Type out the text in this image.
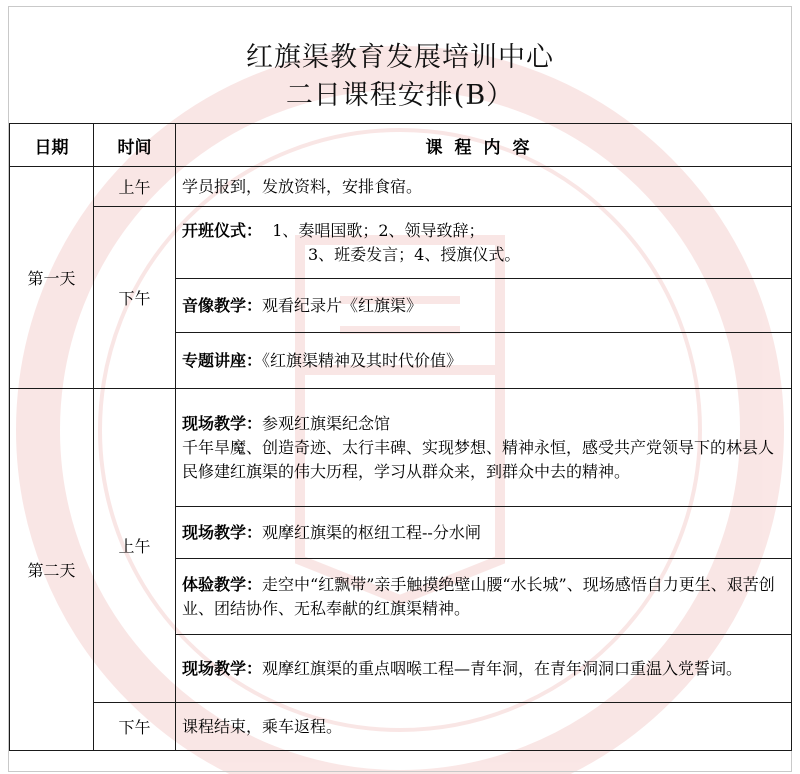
红旗渠教育发展培训中心
二日课程安排(B）
日期	时间	课程内容
第一天	上午	学员报到，发放资料，安排食宿。
	下午	开班仪式： 1、奏唱国歌；2、领导致辞；
3、班委发言；4、授旗仪式。

		音像教学：观看纪录片《红旗渠》
		专题讲座：《红旗渠精神及其时代价值》
第二天	上午	现场教学：参观红旗渠纪念馆
千年旱魔、创造奇迹、太行丰碑、实现梦想、精神永恒，感受共产党领导下的林县人民修建红旗渠的伟大历程，学习从群众来，到群众中去的精神。
		现场教学：观摩红旗渠的枢纽工程--分水闸
		体验教学：走空中“红飘带”亲手触摸绝壁山腰“水长城”、现场感悟自力更生、艰苦创业、团结协作、无私奉献的红旗渠精神。
		现场教学：观摩红旗渠的重点咽喉工程—青年洞，在青年洞洞口重温入党誓词。
	下午	课程结束，乘车返程。
